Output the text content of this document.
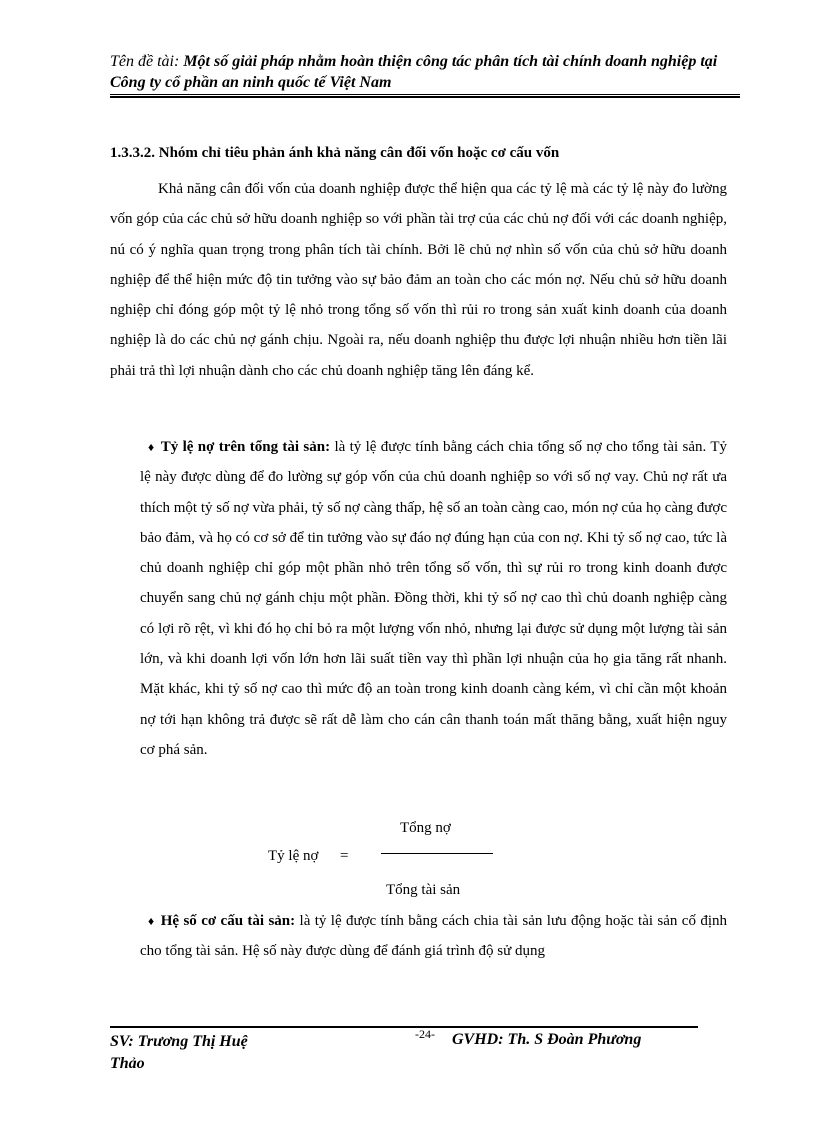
Tên đề tài: Một số giải pháp nhằm hoàn thiện công tác phân tích tài chính doanh nghiệp tại Công ty cổ phần an ninh quốc tế Việt Nam
1.3.3.2. Nhóm chỉ tiêu phản ánh khả năng cân đối vốn hoặc cơ cấu vốn
Khả năng cân đối vốn của doanh nghiệp được thể hiện qua các tỷ lệ mà các tỷ lệ này đo lường vốn góp của các chủ sở hữu doanh nghiệp so với phần tài trợ của các chủ nợ đối với các doanh nghiệp, nú có ý nghĩa quan trọng trong phân tích tài chính. Bởi lẽ chủ nợ nhìn số vốn của chủ sở hữu doanh nghiệp để thể hiện mức độ tin tưởng vào sự bảo đảm an toàn cho các món nợ. Nếu chủ sở hữu doanh nghiệp chỉ đóng góp một tỷ lệ nhỏ trong tổng số vốn thì rủi ro trong sản xuất kinh doanh của doanh nghiệp là do các chủ nợ gánh chịu. Ngoài ra, nếu doanh nghiệp thu được lợi nhuận nhiều hơn tiền lãi phải trả thì lợi nhuận dành cho các chủ doanh nghiệp tăng lên đáng kể.
♦ Tỷ lệ nợ trên tổng tài sản: là tỷ lệ được tính bằng cách chia tổng số nợ cho tổng tài sản. Tỷ lệ này được dùng để đo lường sự góp vốn của chủ doanh nghiệp so với số nợ vay. Chủ nợ rất ưa thích một tỷ số nợ vừa phải, tỷ số nợ càng thấp, hệ số an toàn càng cao, món nợ của họ càng được bảo đảm, và họ có cơ sở để tin tưởng vào sự đáo nợ đúng hạn của con nợ. Khi tỷ số nợ cao, tức là chủ doanh nghiệp chỉ góp một phần nhỏ trên tổng số vốn, thì sự rủi ro trong kinh doanh được chuyển sang chủ nợ gánh chịu một phần. Đồng thời, khi tỷ số nợ cao thì chủ doanh nghiệp càng có lợi rõ rệt, vì khi đó họ chỉ bỏ ra một lượng vốn nhỏ, nhưng lại được sử dụng một lượng tài sản lớn, và khi doanh lợi vốn lớn hơn lãi suất tiền vay thì phần lợi nhuận của họ gia tăng rất nhanh. Mặt khác, khi tỷ số nợ cao thì mức độ an toàn trong kinh doanh càng kém, vì chỉ cần một khoản nợ tới hạn không trả được sẽ rất dễ làm cho cán cân thanh toán mất thăng bằng, xuất hiện nguy cơ phá sản.
Tỷ lệ nợ =
Tổng nợ
Tổng tài sản
♦ Hệ số cơ cấu tài sản: là tỷ lệ được tính bằng cách chia tài sản lưu động hoặc tài sản cố định cho tổng tài sản. Hệ số này được dùng để đánh giá trình độ sử dụng
SV: Trương Thị Huệ Thảo
-24- GVHD: Th. S Đoàn Phương
